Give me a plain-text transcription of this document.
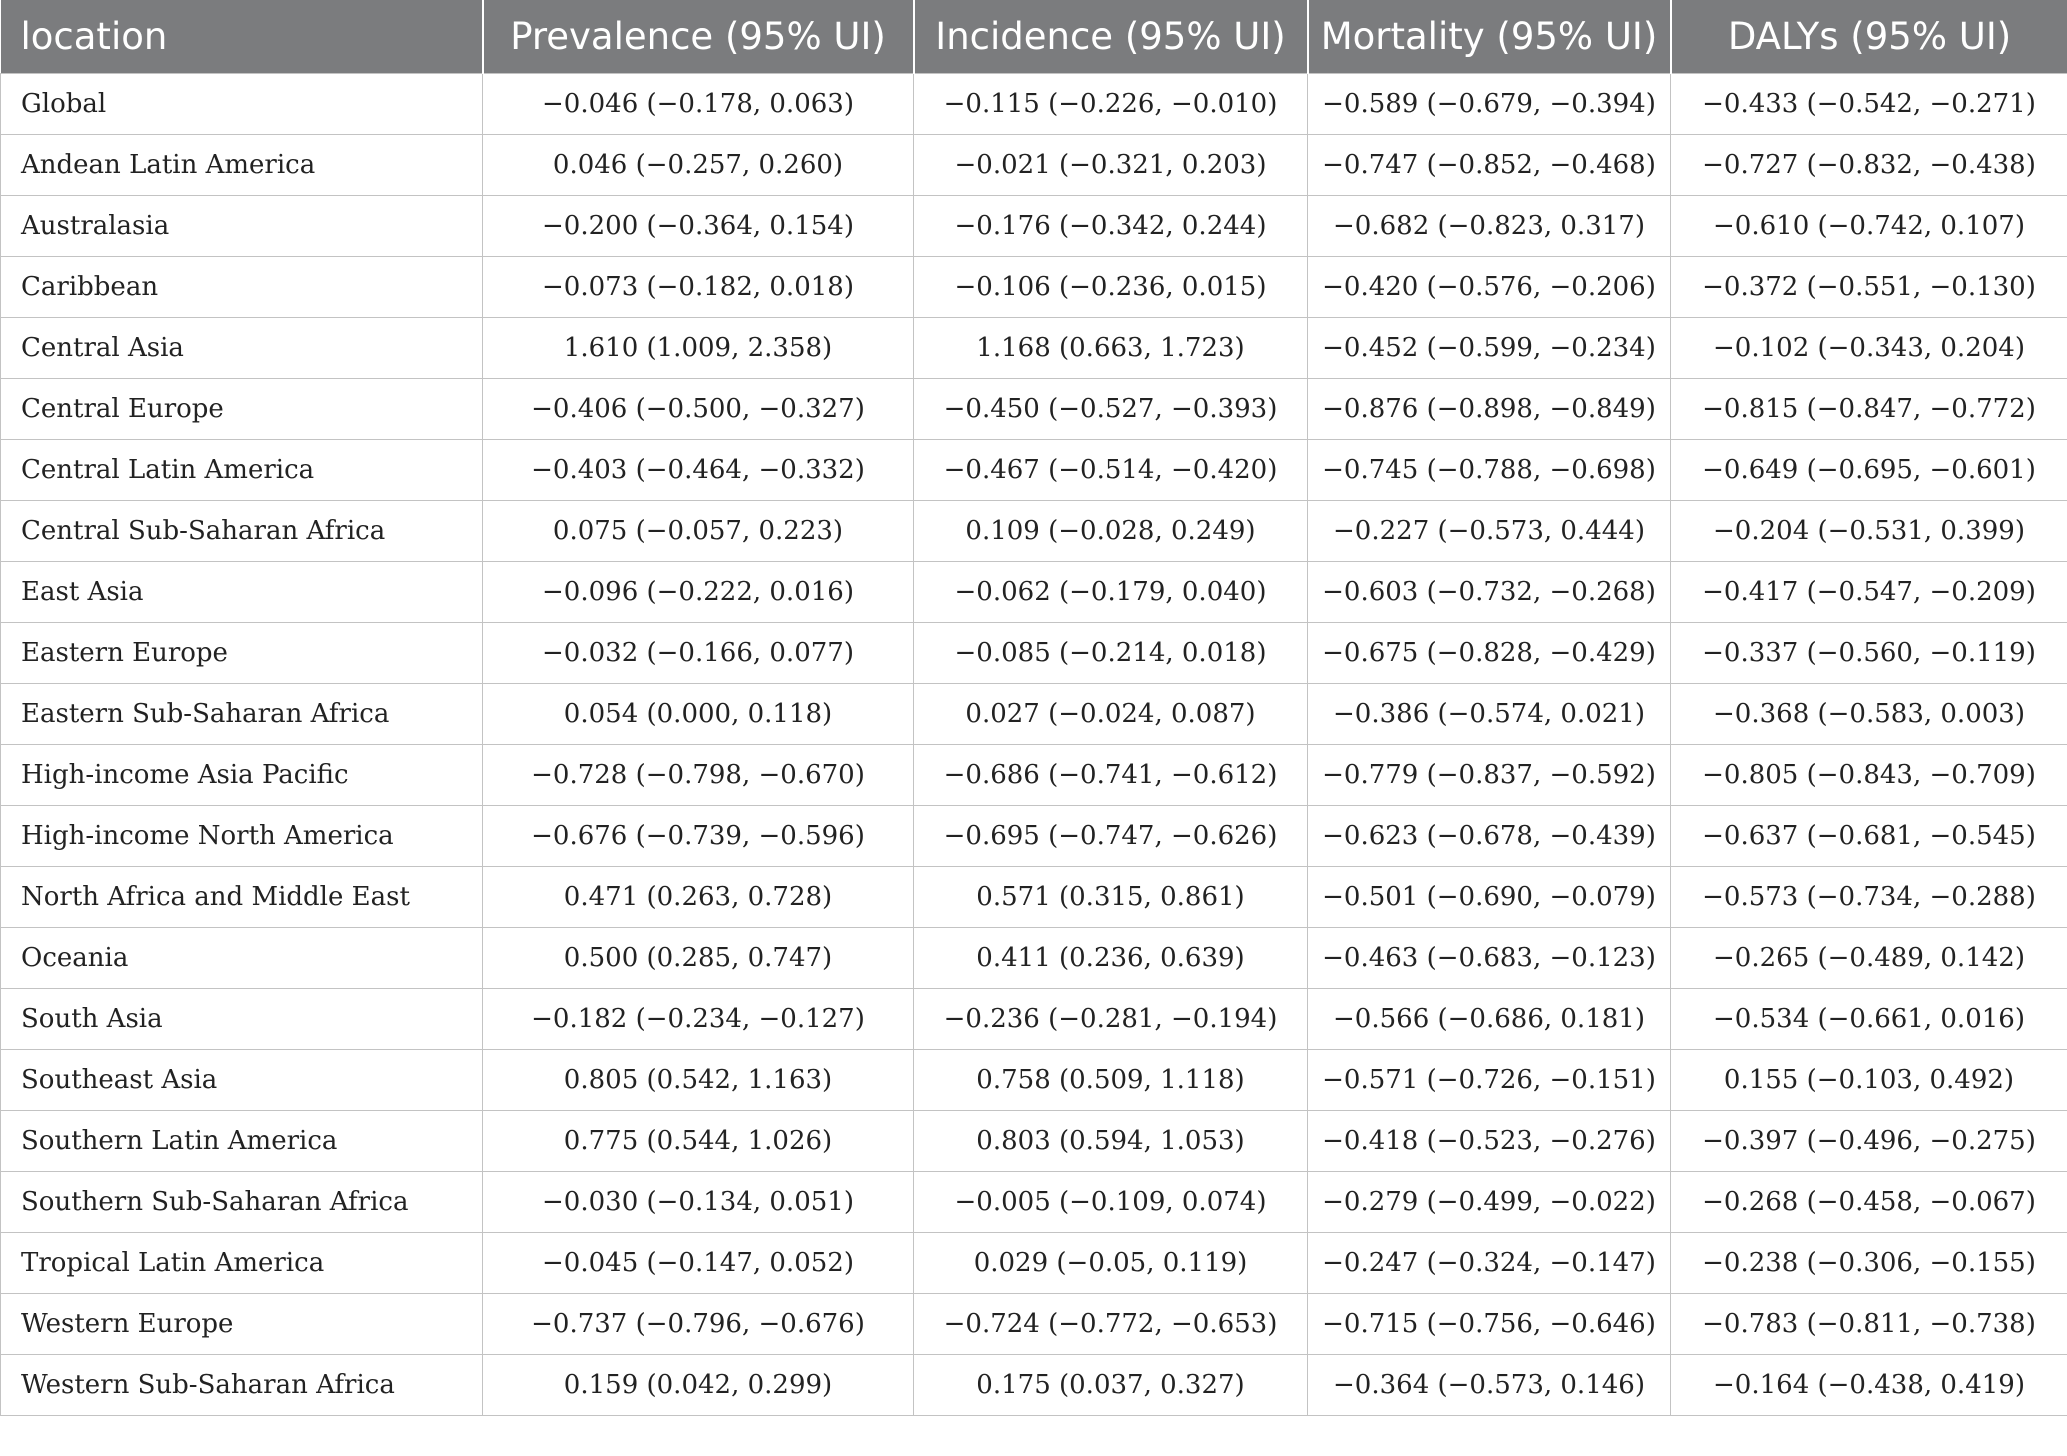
location	Prevalence (95% UI)	Incidence (95% UI)	Mortality (95% UI)	DALYs (95% UI)
Global	−0.046 (−0.178, 0.063)	−0.115 (−0.226, −0.010)	−0.589 (−0.679, −0.394)	−0.433 (−0.542, −0.271)
Andean Latin America	0.046 (−0.257, 0.260)	−0.021 (−0.321, 0.203)	−0.747 (−0.852, −0.468)	−0.727 (−0.832, −0.438)
Australasia	−0.200 (−0.364, 0.154)	−0.176 (−0.342, 0.244)	−0.682 (−0.823, 0.317)	−0.610 (−0.742, 0.107)
Caribbean	−0.073 (−0.182, 0.018)	−0.106 (−0.236, 0.015)	−0.420 (−0.576, −0.206)	−0.372 (−0.551, −0.130)
Central Asia	1.610 (1.009, 2.358)	1.168 (0.663, 1.723)	−0.452 (−0.599, −0.234)	−0.102 (−0.343, 0.204)
Central Europe	−0.406 (−0.500, −0.327)	−0.450 (−0.527, −0.393)	−0.876 (−0.898, −0.849)	−0.815 (−0.847, −0.772)
Central Latin America	−0.403 (−0.464, −0.332)	−0.467 (−0.514, −0.420)	−0.745 (−0.788, −0.698)	−0.649 (−0.695, −0.601)
Central Sub-Saharan Africa	0.075 (−0.057, 0.223)	0.109 (−0.028, 0.249)	−0.227 (−0.573, 0.444)	−0.204 (−0.531, 0.399)
East Asia	−0.096 (−0.222, 0.016)	−0.062 (−0.179, 0.040)	−0.603 (−0.732, −0.268)	−0.417 (−0.547, −0.209)
Eastern Europe	−0.032 (−0.166, 0.077)	−0.085 (−0.214, 0.018)	−0.675 (−0.828, −0.429)	−0.337 (−0.560, −0.119)
Eastern Sub-Saharan Africa	0.054 (0.000, 0.118)	0.027 (−0.024, 0.087)	−0.386 (−0.574, 0.021)	−0.368 (−0.583, 0.003)
High-income Asia Pacific	−0.728 (−0.798, −0.670)	−0.686 (−0.741, −0.612)	−0.779 (−0.837, −0.592)	−0.805 (−0.843, −0.709)
High-income North America	−0.676 (−0.739, −0.596)	−0.695 (−0.747, −0.626)	−0.623 (−0.678, −0.439)	−0.637 (−0.681, −0.545)
North Africa and Middle East	0.471 (0.263, 0.728)	0.571 (0.315, 0.861)	−0.501 (−0.690, −0.079)	−0.573 (−0.734, −0.288)
Oceania	0.500 (0.285, 0.747)	0.411 (0.236, 0.639)	−0.463 (−0.683, −0.123)	−0.265 (−0.489, 0.142)
South Asia	−0.182 (−0.234, −0.127)	−0.236 (−0.281, −0.194)	−0.566 (−0.686, 0.181)	−0.534 (−0.661, 0.016)
Southeast Asia	0.805 (0.542, 1.163)	0.758 (0.509, 1.118)	−0.571 (−0.726, −0.151)	0.155 (−0.103, 0.492)
Southern Latin America	0.775 (0.544, 1.026)	0.803 (0.594, 1.053)	−0.418 (−0.523, −0.276)	−0.397 (−0.496, −0.275)
Southern Sub-Saharan Africa	−0.030 (−0.134, 0.051)	−0.005 (−0.109, 0.074)	−0.279 (−0.499, −0.022)	−0.268 (−0.458, −0.067)
Tropical Latin America	−0.045 (−0.147, 0.052)	0.029 (−0.05, 0.119)	−0.247 (−0.324, −0.147)	−0.238 (−0.306, −0.155)
Western Europe	−0.737 (−0.796, −0.676)	−0.724 (−0.772, −0.653)	−0.715 (−0.756, −0.646)	−0.783 (−0.811, −0.738)
Western Sub-Saharan Africa	0.159 (0.042, 0.299)	0.175 (0.037, 0.327)	−0.364 (−0.573, 0.146)	−0.164 (−0.438, 0.419)
